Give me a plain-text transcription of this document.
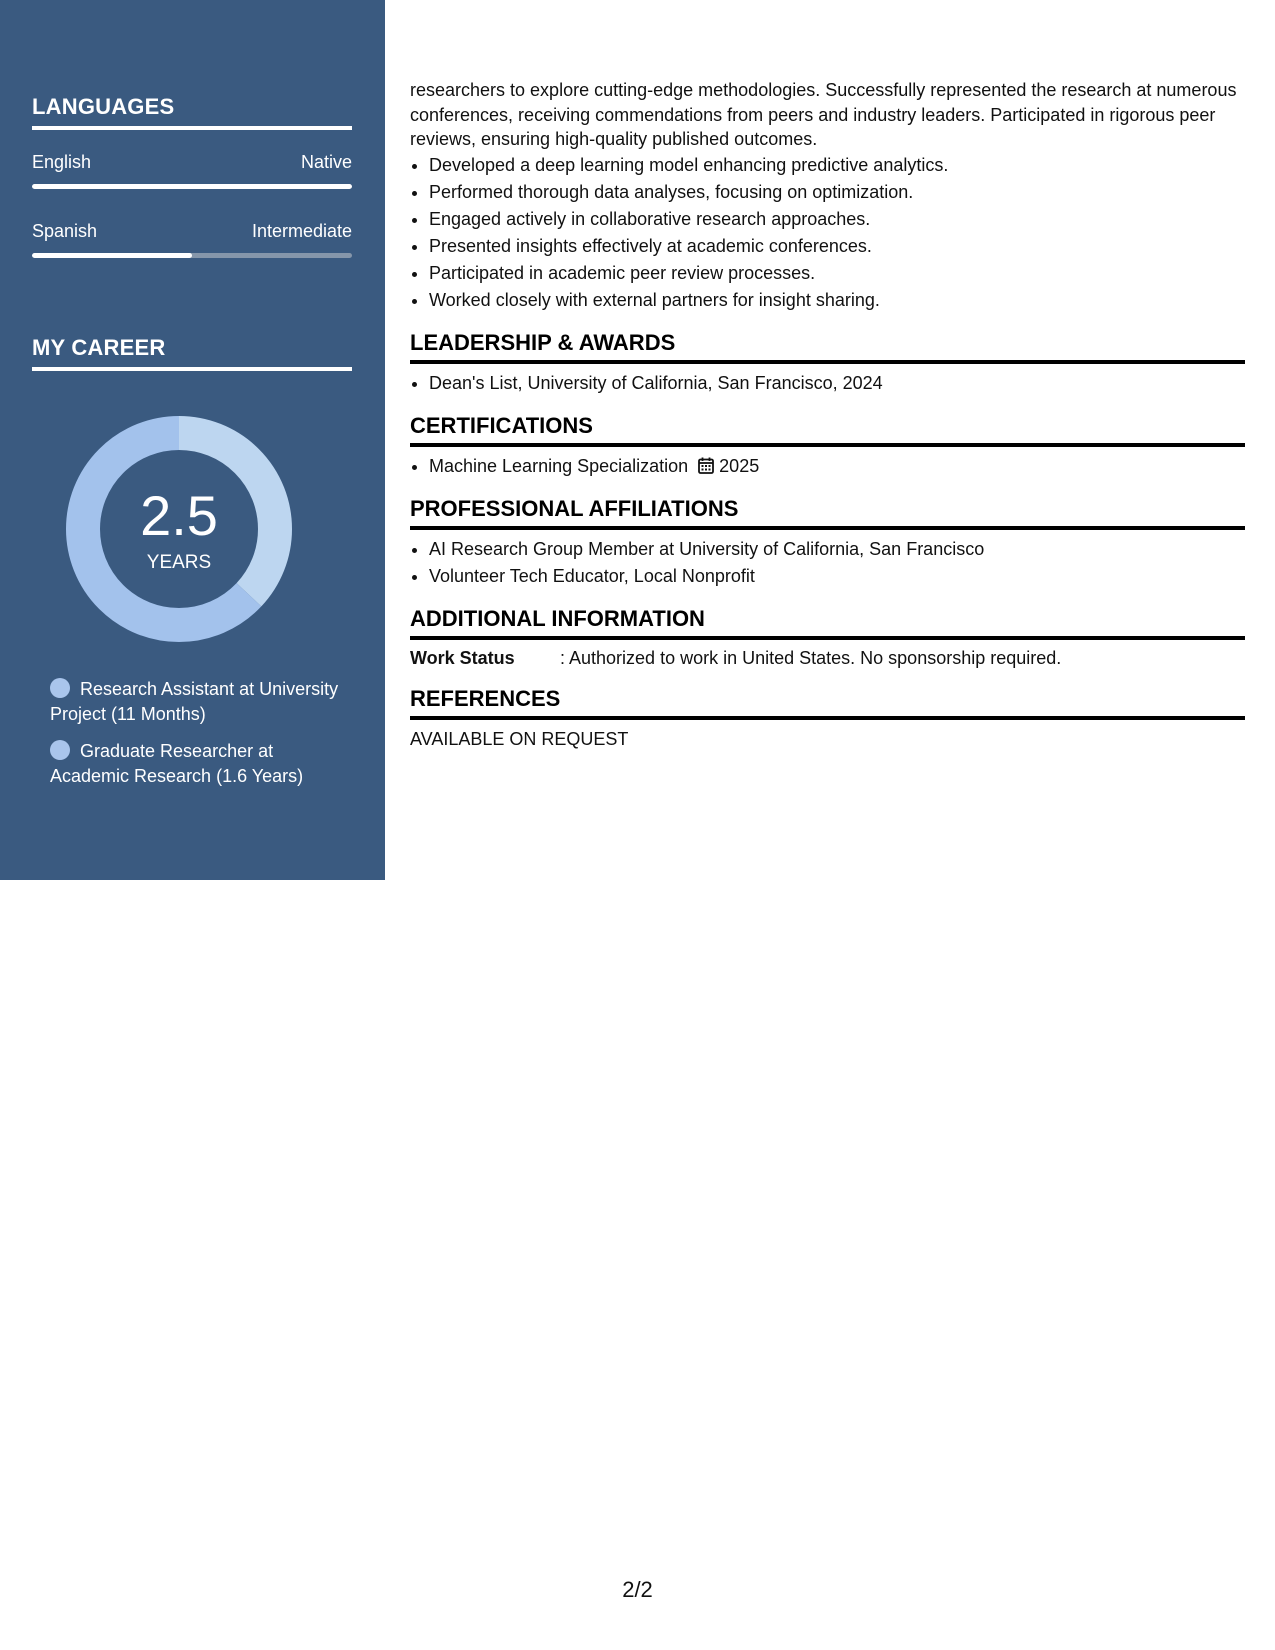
LANGUAGES
English	Native
Spanish	Intermediate
MY CAREER
2.5
YEARS
Research Assistant at University Project (11 Months)
Graduate Researcher at Academic Research (1.6 Years)

researchers to explore cutting-edge methodologies. Successfully represented the research at numerous conferences, receiving commendations from peers and industry leaders. Participated in rigorous peer reviews, ensuring high-quality published outcomes.

• Developed a deep learning model enhancing predictive analytics.
• Performed thorough data analyses, focusing on optimization.
• Engaged actively in collaborative research approaches.
• Presented insights effectively at academic conferences.
• Participated in academic peer review processes.
• Worked closely with external partners for insight sharing.
LEADERSHIP & AWARDS
• Dean's List, University of California, San Francisco, 2024
CERTIFICATIONS
• Machine Learning Specialization 2025
PROFESSIONAL AFFILIATIONS
• AI Research Group Member at University of California, San Francisco
• Volunteer Tech Educator, Local Nonprofit
ADDITIONAL INFORMATION
Work Status	: Authorized to work in United States. No sponsorship required.
REFERENCES
AVAILABLE ON REQUEST
2/2
